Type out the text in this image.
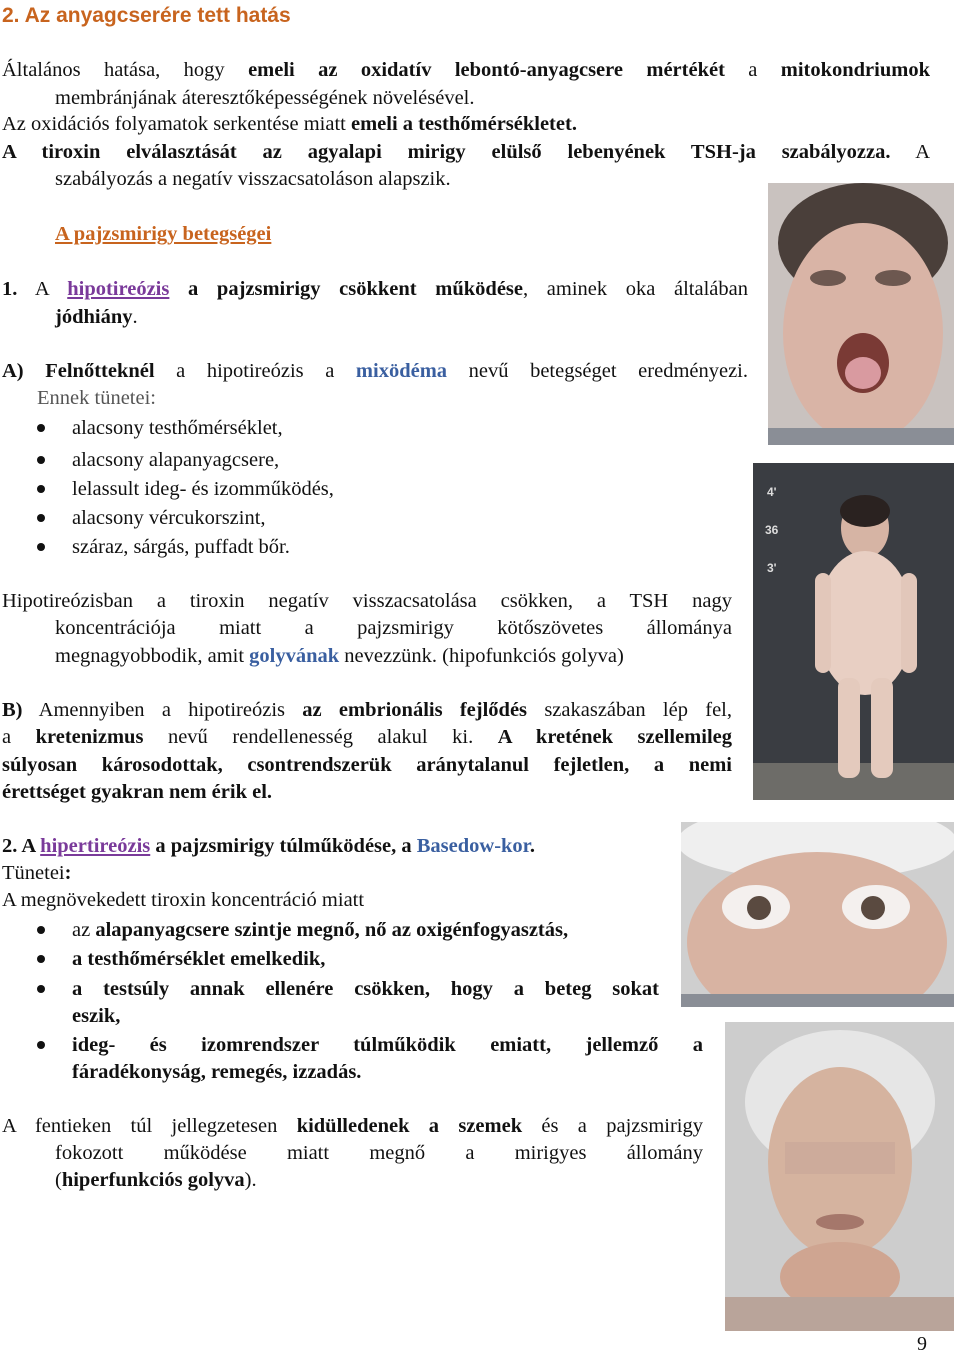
2. Az anyagcserére tett hatás
Általános hatása, hogy emeli az oxidatív lebontó-anyagcsere mértékét a mitokondriumok
membránjának áteresztőképességének növelésével.
Az oxidációs folyamatok serkentése miatt emeli a testhőmérsékletet.
A tiroxin elválasztását az agyalapi mirigy elülső lebenyének TSH-ja szabályozza. A
szabályozás a negatív visszacsatoláson alapszik.
A pajzsmirigy betegségei
1. A hipotireózis a pajzsmirigy csökkent működése, aminek oka általában
jódhiány.
A) Felnőtteknél a hipotireózis a mixödéma nevű betegséget eredményezi.
Ennek tünetei:
alacsony testhőmérséklet,
alacsony alapanyagcsere,
lelassult ideg- és izomműködés,
alacsony vércukorszint,
száraz, sárgás, puffadt bőr.
Hipotireózisban a tiroxin negatív visszacsatolása csökken, a TSH nagy
koncentrációja miatt a pajzsmirigy kötőszövetes állománya
megnagyobbodik, amit golyvának nevezzünk. (hipofunkciós golyva)
B) Amennyiben a hipotireózis az embrionális fejlődés szakaszában lép fel,
a kretenizmus nevű rendellenesség alakul ki. A kretének szellemileg
súlyosan károsodottak, csontrendszerük aránytalanul fejletlen, a nemi
érettséget gyakran nem érik el.
2. A hipertireózis a pajzsmirigy túlműködése, a Basedow-kor.
Tünetei:
A megnövekedett tiroxin koncentráció miatt
az alapanyagcsere szintje megnő, nő az oxigénfogyasztás,
a testhőmérséklet emelkedik,
a testsúly annak ellenére csökken, hogy a beteg sokat
eszik,
ideg- és izomrendszer túlműködik emiatt, jellemző a
fáradékonyság, remegés, izzadás.
A fentieken túl jellegzetesen kidülledenek a szemek és a pajzsmirigy
fokozott működése miatt megnő a mirigyes állomány
(hiperfunkciós golyva).
4'
36
3'
9
